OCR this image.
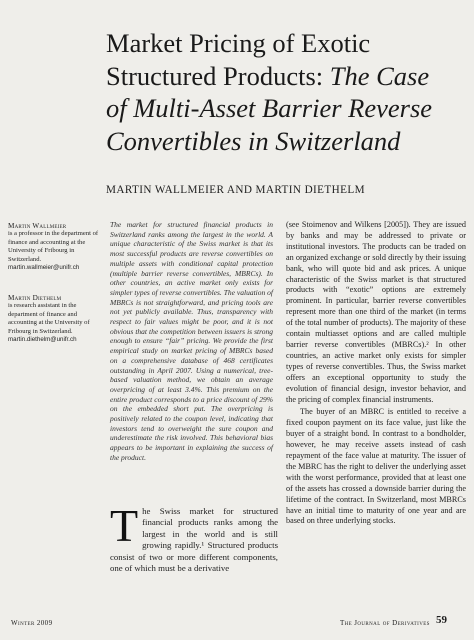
Market Pricing of Exotic
Structured Products: The Case
of Multi-Asset Barrier Reverse
Convertibles in Switzerland
MARTIN WALLMEIER AND MARTIN DIETHELM
Martin Wallmeier
is a professor in the department of finance and accounting at the University of Fribourg in Switzerland.
martin.wallmeier@unifr.ch
Martin Diethelm
is research assistant in the department of finance and accounting at the University of Fribourg in Switzerland.
martin.diethelm@unifr.ch
The market for structured financial products in Switzerland ranks among the largest in the world. A unique characteristic of the Swiss market is that its most successful products are reverse convertibles on multiple assets with conditional capital protection (multiple barrier reverse convertibles, MBRCs). In other countries, an active market only exists for simpler types of reverse convertibles. The valuation of MBRCs is not straightforward, and pricing tools are not yet publicly available. Thus, transparency with respect to fair values might be poor, and it is not obvious that the competition between issuers is strong enough to ensure “fair” pricing. We provide the first empirical study on market pricing of MBRCs based on a comprehensive database of 468 certificates outstanding in April 2007. Using a numerical, tree-based valuation method, we obtain an average overpricing of at least 3.4%. This premium on the entire product corresponds to a price discount of 29% on the embedded short put. The overpricing is positively related to the coupon level, indicating that investors tend to overweight the sure coupon and underestimate the risk involved. This behavioral bias appears to be important in explaining the success of the product.
The Swiss market for structured financial products ranks among the largest in the world and is still growing rapidly.¹ Structured products consist of two or more different components, one of which must be a derivative

(see Stoimenov and Wilkens [2005]). They are issued by banks and may be addressed to private or institutional investors. The products can be traded on an organized exchange or sold directly by their issuing bank, who will quote bid and ask prices. A unique characteristic of the Swiss market is that structured products with “exotic” options are extremely prominent. In particular, barrier reverse convertibles represent more than one third of the market (in terms of the total number of products). The majority of these contain multiasset options and are called multiple barrier reverse convertibles (MBRCs).² In other countries, an active market only exists for simpler types of reverse convertibles. Thus, the Swiss market offers an exceptional opportunity to study the evolution of financial design, investor behavior, and the pricing of complex financial instruments.

The buyer of an MBRC is entitled to receive a fixed coupon payment on its face value, just like the buyer of a straight bond. In contrast to a bondholder, however, he may receive assets instead of cash repayment of the face value at maturity. The issuer of the MBRC has the right to deliver the underlying asset with the worst performance, provided that at least one of the assets has crossed a downside barrier during the lifetime of the contract. In Switzerland, most MBRCs have an initial time to maturity of one year and are based on three underlying stocks.

Winter 2009	The Journal of Derivatives 59
